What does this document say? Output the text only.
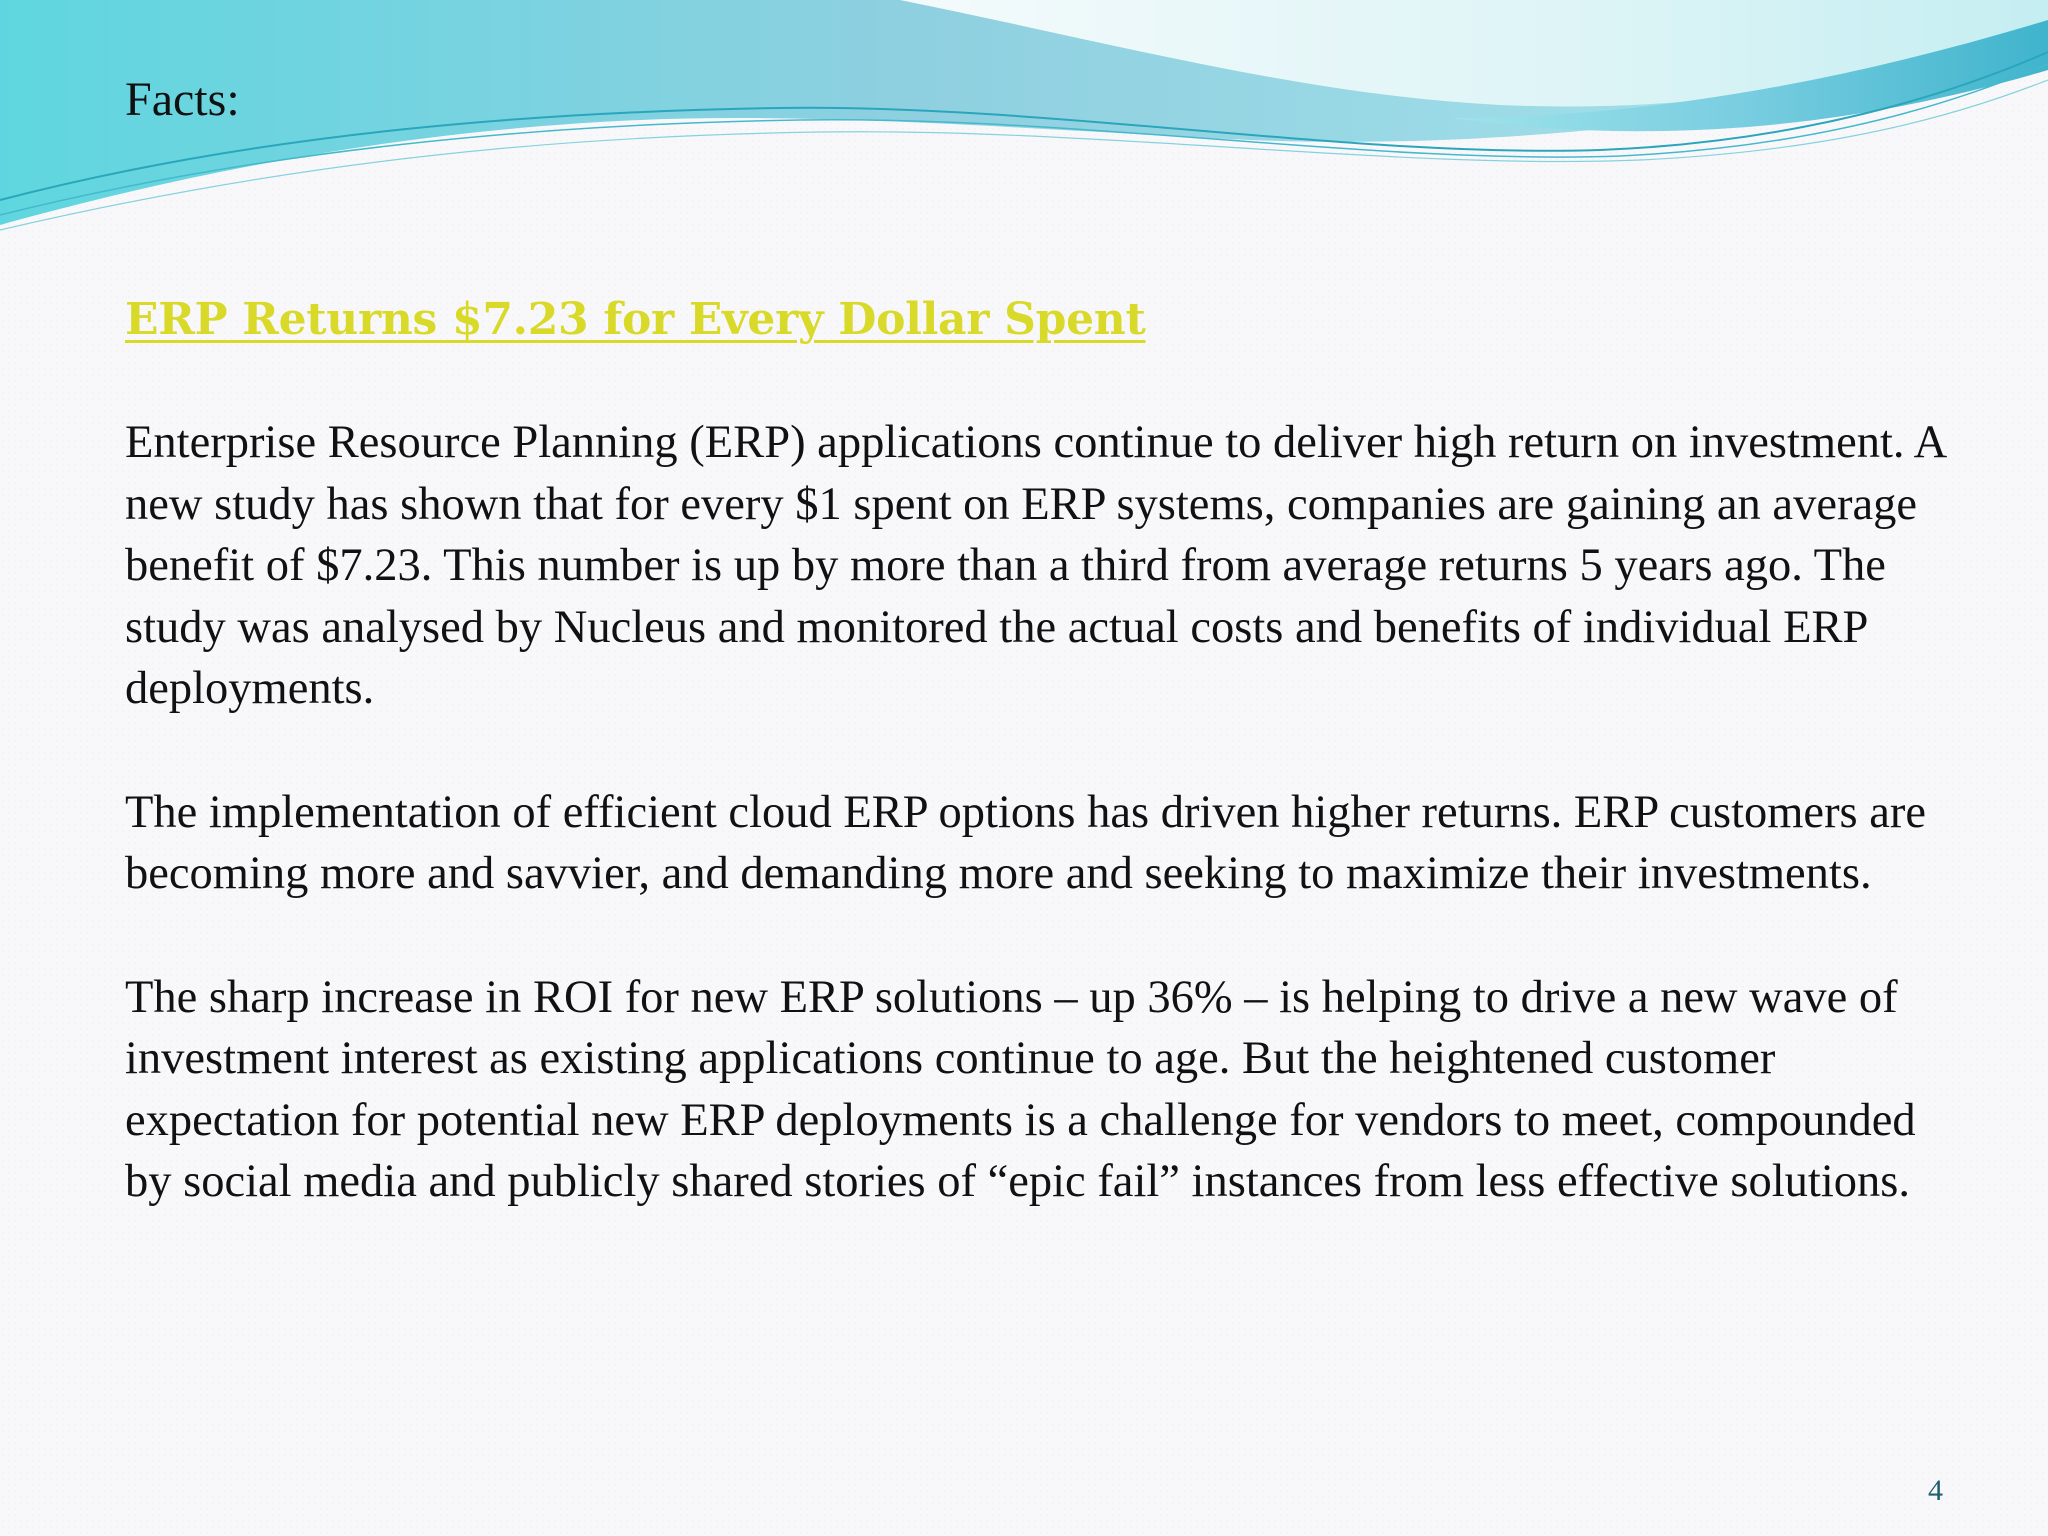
Facts:
ERP Returns $7.23 for Every Dollar Spent

Enterprise Resource Planning (ERP) applications continue to deliver high return on investment. A new study has shown that for every $1 spent on ERP systems, companies are gaining an average benefit of $7.23. This number is up by more than a third from average returns 5 years ago. The study was analysed by Nucleus and monitored the actual costs and benefits of individual ERP deployments.

The implementation of efficient cloud ERP options has driven higher returns. ERP customers are becoming more and savvier, and demanding more and seeking to maximize their investments.

The sharp increase in ROI for new ERP solutions – up 36% – is helping to drive a new wave of investment interest as existing applications continue to age. But the heightened customer expectation for potential new ERP deployments is a challenge for vendors to meet, compounded by social media and publicly shared stories of “epic fail” instances from less effective solutions.

4
